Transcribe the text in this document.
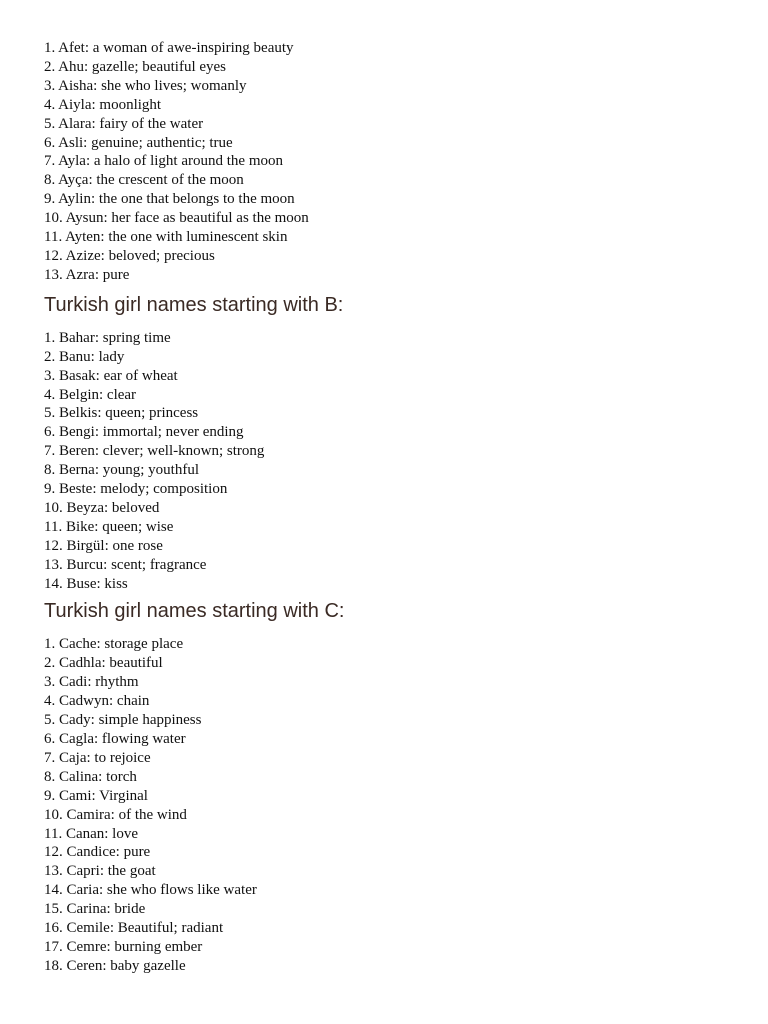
1. Afet: a woman of awe-inspiring beauty
2. Ahu: gazelle; beautiful eyes
3. Aisha: she who lives; womanly
4. Aiyla: moonlight
5. Alara: fairy of the water
6. Asli: genuine; authentic; true
7. Ayla: a halo of light around the moon
8. Ayça: the crescent of the moon
9. Aylin: the one that belongs to the moon
10. Aysun: her face as beautiful as the moon
11. Ayten: the one with luminescent skin
12. Azize: beloved; precious
13. Azra: pure
Turkish girl names starting with B:
1. Bahar: spring time
2. Banu: lady
3. Basak: ear of wheat
4. Belgin: clear
5. Belkis: queen; princess
6. Bengi: immortal; never ending
7. Beren: clever; well-known; strong
8. Berna: young; youthful
9. Beste: melody; composition
10. Beyza: beloved
11. Bike: queen; wise
12. Birgül: one rose
13. Burcu: scent; fragrance
14. Buse: kiss
Turkish girl names starting with C:
1. Cache: storage place
2. Cadhla: beautiful
3. Cadi: rhythm
4. Cadwyn: chain
5. Cady: simple happiness
6. Cagla: flowing water
7. Caja: to rejoice
8. Calina: torch
9. Cami: Virginal
10. Camira: of the wind
11. Canan: love
12. Candice: pure
13. Capri: the goat
14. Caria: she who flows like water
15. Carina: bride
16. Cemile: Beautiful; radiant
17. Cemre: burning ember
18. Ceren: baby gazelle
